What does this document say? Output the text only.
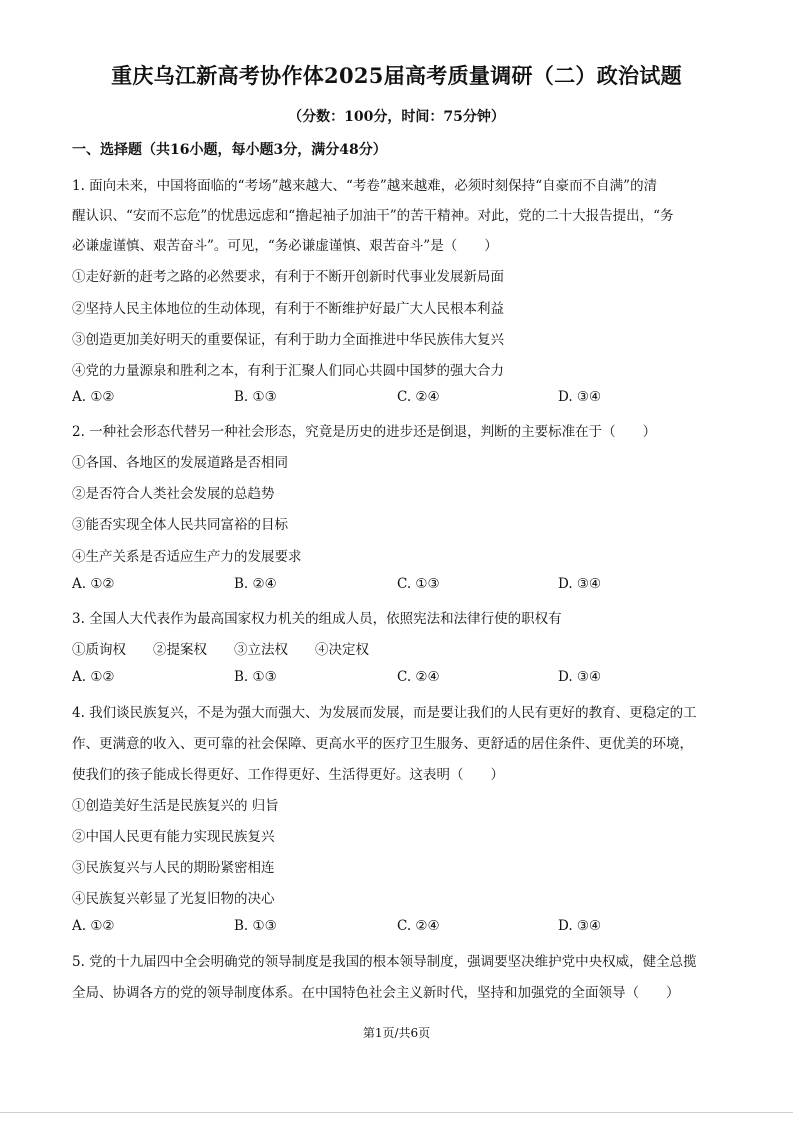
重庆乌江新高考协作体2025届高考质量调研（二）政治试题
（分数：100分，时间：75分钟）
一、选择题（共16小题，每小题3分，满分48分）
1. 面向未来，中国将面临的“考场”越来越大、“考卷”越来越难，必须时刻保持“自豪而不自满”的清
醒认识、“安而不忘危”的忧患远虑和“撸起袖子加油干”的苦干精神。对此，党的二十大报告提出，“务
必谦虚谨慎、艰苦奋斗”。可见，“务必谦虚谨慎、艰苦奋斗”是（　　）
①走好新的赶考之路的必然要求，有利于不断开创新时代事业发展新局面
②坚持人民主体地位的生动体现，有利于不断维护好最广大人民根本利益
③创造更加美好明天的重要保证，有利于助力全面推进中华民族伟大复兴
④党的力量源泉和胜利之本，有利于汇聚人们同心共圆中国梦的强大合力
A. ①②	B. ①③	C. ②④	D. ③④
2. 一种社会形态代替另一种社会形态，究竟是历史的进步还是倒退，判断的主要标准在于（　　）
①各国、各地区的发展道路是否相同
②是否符合人类社会发展的总趋势
③能否实现全体人民共同富裕的目标
④生产关系是否适应生产力的发展要求
A. ①②	B. ②④	C. ①③	D. ③④
3. 全国人大代表作为最高国家权力机关的组成人员，依照宪法和法律行使的职权有
①质询权　　②提案权　　③立法权　　④决定权
A. ①②	B. ①③	C. ②④	D. ③④
4. 我们谈民族复兴，不是为强大而强大、为发展而发展，而是要让我们的人民有更好的教育、更稳定的工
作、更满意的收入、更可靠的社会保障、更高水平的医疗卫生服务、更舒适的居住条件、更优美的环境，
使我们的孩子能成长得更好、工作得更好、生活得更好。这表明（　　）
①创造美好生活是民族复兴的 归旨
②中国人民更有能力实现民族复兴
③民族复兴与人民的期盼紧密相连
④民族复兴彰显了光复旧物的决心
A. ①②	B. ①③	C. ②④	D. ③④
5. 党的十九届四中全会明确党的领导制度是我国的根本领导制度，强调要坚决维护党中央权威，健全总揽
全局、协调各方的党的领导制度体系。在中国特色社会主义新时代，坚持和加强党的全面领导（　　）
第1页/共6页
